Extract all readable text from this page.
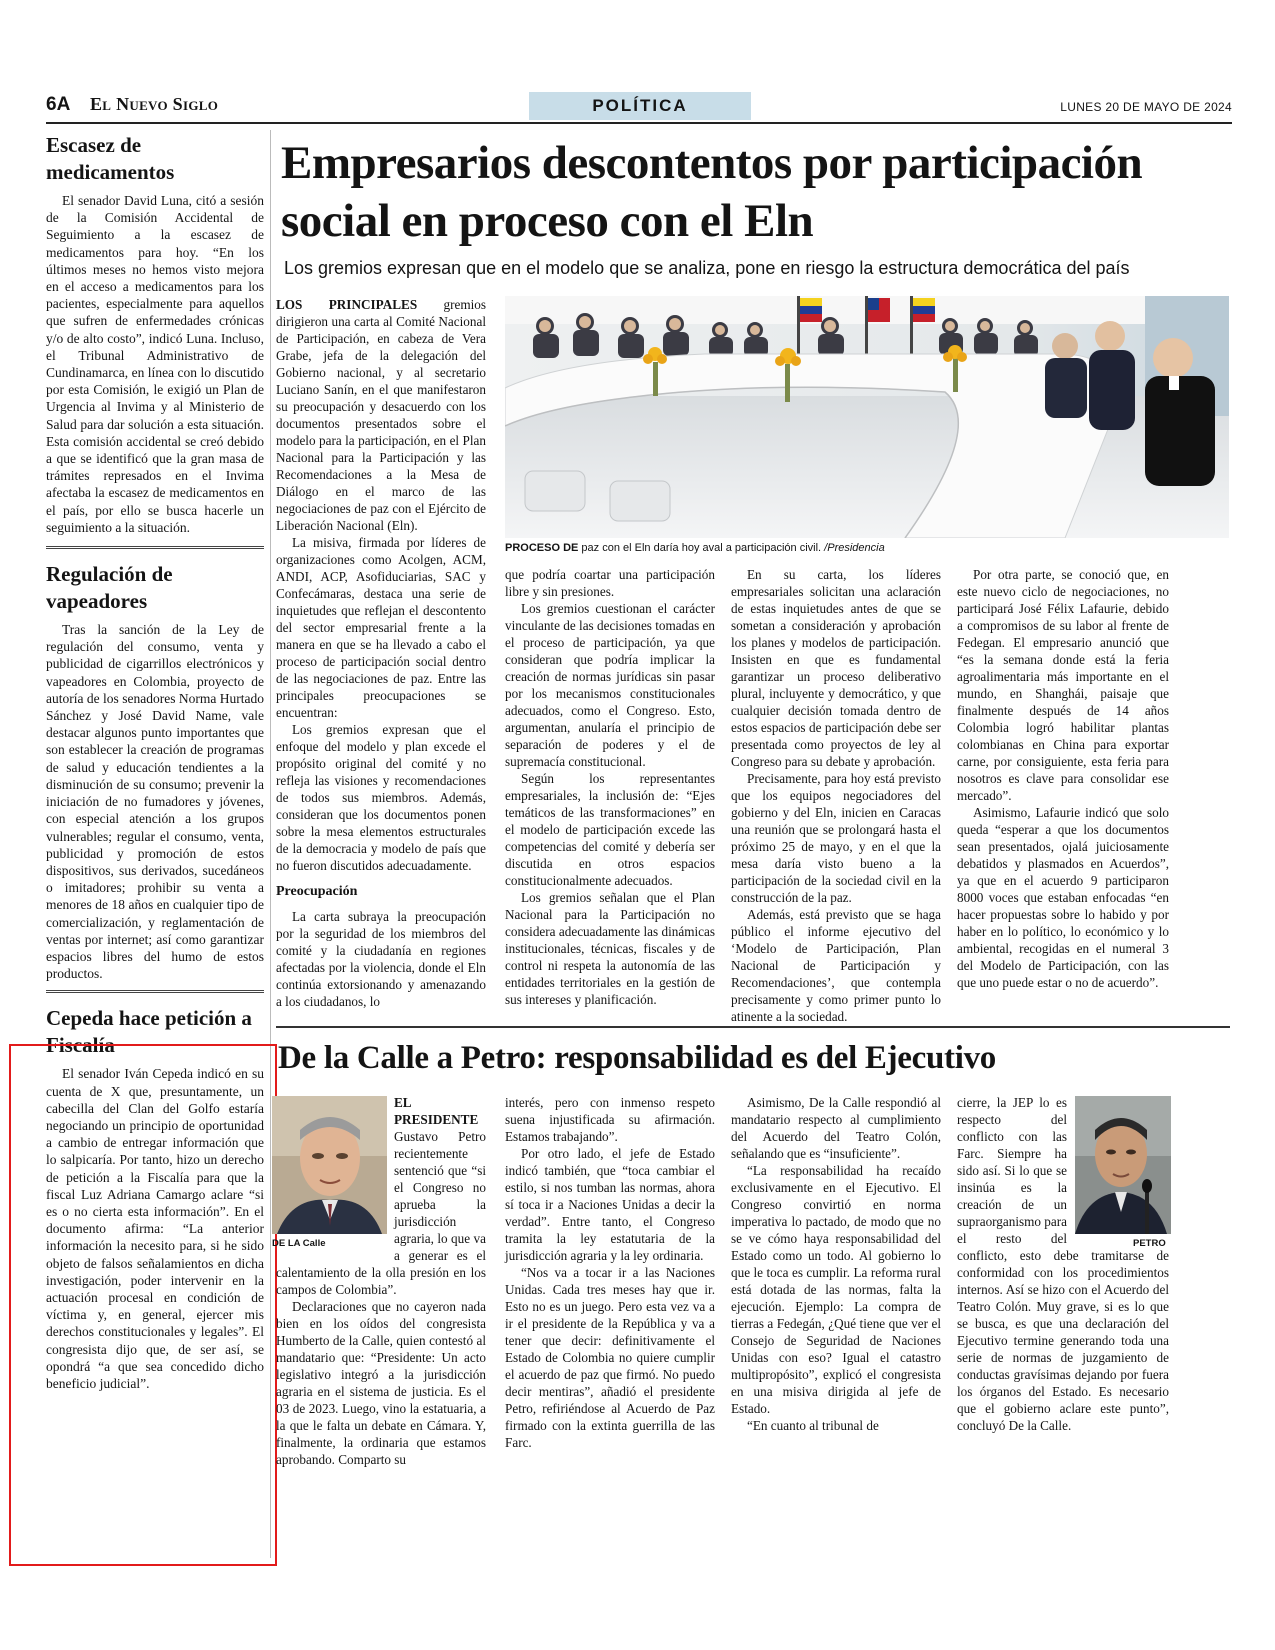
6A El Nuevo Siglo	POLÍTICA	LUNES 20 DE MAYO DE 2024
Escasez de medicamentos

El senador David Luna, citó a sesión de la Comisión Accidental de Seguimiento a la escasez de medicamentos para hoy. “En los últimos meses no hemos visto mejora en el acceso a medicamentos para los pacientes, especialmente para aquellos que sufren de enfermedades crónicas y/o de alto costo”, indicó Luna. Incluso, el Tribunal Administrativo de Cundinamarca, en línea con lo discutido por esta Comisión, le exigió un Plan de Urgencia al Invima y al Ministerio de Salud para dar solución a esta situación. Esta comisión accidental se creó debido a que se identificó que la gran masa de trámites represados en el Invima afectaba la escasez de medicamentos en el país, por ello se busca hacerle un seguimiento a la situación.

Regulación de vapeadores

Tras la sanción de la Ley de regulación del consumo, venta y publicidad de cigarrillos electrónicos y vapeadores en Colombia, proyecto de autoría de los senadores Norma Hurtado Sánchez y José David Name, vale destacar algunos punto importantes que son establecer la creación de programas de salud y educación tendientes a la disminución de su consumo; prevenir la iniciación de no fumadores y jóvenes, con especial atención a los grupos vulnerables; regular el consumo, venta, publicidad y promoción de estos dispositivos, sus derivados, sucedáneos o imitadores; prohibir su venta a menores de 18 años en cualquier tipo de comercialización, y reglamentación de ventas por internet; así como garantizar espacios libres del humo de estos productos.

Cepeda hace petición a Fiscalía

El senador Iván Cepeda indicó en su cuenta de X que, presuntamente, un cabecilla del Clan del Golfo estaría negociando un principio de oportunidad a cambio de entregar información que lo salpicaría. Por tanto, hizo un derecho de petición a la Fiscalía para que la fiscal Luz Adriana Camargo aclare “si es o no cierta esta información”. En el documento afirma: “La anterior información la necesito para, si he sido objeto de falsos señalamientos en dicha investigación, poder intervenir en la actuación procesal en condición de víctima y, en general, ejercer mis derechos constitucionales y legales”. El congresista dijo que, de ser así, se opondrá “a que sea concedido dicho beneficio judicial”.

Empresarios descontentos por participación social en proceso con el Eln

Los gremios expresan que en el modelo que se analiza, pone en riesgo la estructura democrática del país

LOS PRINCIPALES gremios dirigieron una carta al Comité Nacional de Participación, en cabeza de Vera Grabe, jefa de la delegación del Gobierno nacional, y al secretario Luciano Sanín, en el que manifestaron su preocupación y desacuerdo con los documentos presentados sobre el modelo para la participación, en el Plan Nacional para la Participación y las Recomendaciones a la Mesa de Diálogo en el marco de las negociaciones de paz con el Ejército de Liberación Nacional (Eln).

La misiva, firmada por líderes de organizaciones como Acolgen, ACM, ANDI, ACP, Asofiduciarias, SAC y Confecámaras, destaca una serie de inquietudes que reflejan el descontento del sector empresarial frente a la manera en que se ha llevado a cabo el proceso de participación social dentro de las negociaciones de paz. Entre las principales preocupaciones se encuentran:

Los gremios expresan que el enfoque del modelo y plan excede el propósito original del comité y no refleja las visiones y recomendaciones de todos sus miembros. Además, consideran que los documentos ponen sobre la mesa elementos estructurales de la democracia y modelo de país que no fueron discutidos adecuadamente.

Preocupación

La carta subraya la preocupación por la seguridad de los miembros del comité y la ciudadanía en regiones afectadas por la violencia, donde el Eln continúa extorsionando y amenazando a los ciudadanos, lo

PROCESO DE paz con el Eln daría hoy aval a participación civil. /Presidencia

que podría coartar una participación libre y sin presiones.

Los gremios cuestionan el carácter vinculante de las decisiones tomadas en el proceso de participación, ya que consideran que podría implicar la creación de normas jurídicas sin pasar por los mecanismos constitucionales adecuados, como el Congreso. Esto, argumentan, anularía el principio de separación de poderes y el de supremacía constitucional.

Según los representantes empresariales, la inclusión de: “Ejes temáticos de las transformaciones” en el modelo de participación excede las competencias del comité y debería ser discutida en otros espacios constitucionalmente adecuados.

Los gremios señalan que el Plan Nacional para la Participación no considera adecuadamente las dinámicas institucionales, técnicas, fiscales y de control ni respeta la autonomía de las entidades territoriales en la gestión de sus intereses y planificación.

En su carta, los líderes empresariales solicitan una aclaración de estas inquietudes antes de que se sometan a consideración y aprobación los planes y modelos de participación. Insisten en que es fundamental garantizar un proceso deliberativo plural, incluyente y democrático, y que cualquier decisión tomada dentro de estos espacios de participación debe ser presentada como proyectos de ley al Congreso para su debate y aprobación.

Precisamente, para hoy está previsto que los equipos negociadores del gobierno y del Eln, inicien en Caracas una reunión que se prolongará hasta el próximo 25 de mayo, y en el que la mesa daría visto bueno a la participación de la sociedad civil en la construcción de la paz.

Además, está previsto que se haga público el informe ejecutivo del ‘Modelo de Participación, Plan Nacional de Participación y Recomendaciones’, que contempla precisamente y como primer punto lo atinente a la sociedad.

Por otra parte, se conoció que, en este nuevo ciclo de negociaciones, no participará José Félix Lafaurie, debido a compromisos de su labor al frente de Fedegan. El empresario anunció que “es la semana donde está la feria agroalimentaria más importante en el mundo, en Shanghái, paisaje que finalmente después de 14 años Colombia logró habilitar plantas colombianas en China para exportar carne, por consiguiente, esta feria para nosotros es clave para consolidar ese mercado”.

Asimismo, Lafaurie indicó que solo queda “esperar a que los documentos sean presentados, ojalá juiciosamente debatidos y plasmados en Acuerdos”, ya que en el acuerdo 9 participaron 8000 voces que estaban enfocadas “en hacer propuestas sobre lo habido y por haber en lo político, lo económico y lo ambiental, recogidas en el numeral 3 del Modelo de Participación, con las que uno puede estar o no de acuerdo”.

De la Calle a Petro: responsabilidad es del Ejecutivo
DE LA Calle

EL PRESIDENTE

Gustavo Petro recientemente sentenció que “si el Congreso no aprueba la jurisdicción agraria, lo que va a generar es el calentamiento de la olla presión en los campos de Colombia”.

Declaraciones que no cayeron nada bien en los oídos del congresista Humberto de la Calle, quien contestó al mandatario que: “Presidente: Un acto legislativo integró a la jurisdicción agraria en el sistema de justicia. Es el 03 de 2023. Luego, vino la estatuaria, a la que le falta un debate en Cámara. Y, finalmente, la ordinaria que estamos aprobando. Comparto su

interés, pero con inmenso respeto suena injustificada su afirmación. Estamos trabajando”.

Por otro lado, el jefe de Estado indicó también, que “toca cambiar el estilo, si nos tumban las normas, ahora sí toca ir a Naciones Unidas a decir la verdad”. Entre tanto, el Congreso tramita la ley estatutaria de la jurisdicción agraria y la ley ordinaria.

“Nos va a tocar ir a las Naciones Unidas. Cada tres meses hay que ir. Esto no es un juego. Pero esta vez va a ir el presidente de la República y va a tener que decir: definitivamente el Estado de Colombia no quiere cumplir el acuerdo de paz que firmó. No puedo decir mentiras”, añadió el presidente Petro, refiriéndose al Acuerdo de Paz firmado con la extinta guerrilla de las Farc.

Asimismo, De la Calle respondió al mandatario respecto al cumplimiento del Acuerdo del Teatro Colón, señalando que es “insuficiente”.

“La responsabilidad ha recaído exclusivamente en el Ejecutivo. El Congreso convirtió en norma imperativa lo pactado, de modo que no se ve cómo haya responsabilidad del Estado como un todo. Al gobierno lo que le toca es cumplir. La reforma rural está dotada de las normas, falta la ejecución. Ejemplo: La compra de tierras a Fedegán, ¿Qué tiene que ver el Consejo de Seguridad de Naciones Unidas con eso? Igual el catastro multipropósito”, explicó el congresista en una misiva dirigida al jefe de Estado.

“En cuanto al tribunal de

PETRO

cierre, la JEP lo es respecto del conflicto con las Farc. Siempre ha sido así. Si lo que se insinúa es la creación de un supraorganismo para el resto del conflicto, esto debe tramitarse de conformidad con los procedimientos internos. Así se hizo con el Acuerdo del Teatro Colón. Muy grave, si es lo que se busca, es que una declaración del Ejecutivo termine generando toda una serie de normas de juzgamiento de conductas gravísimas dejando por fuera los órganos del Estado. Es necesario que el gobierno aclare este punto”, concluyó De la Calle.
